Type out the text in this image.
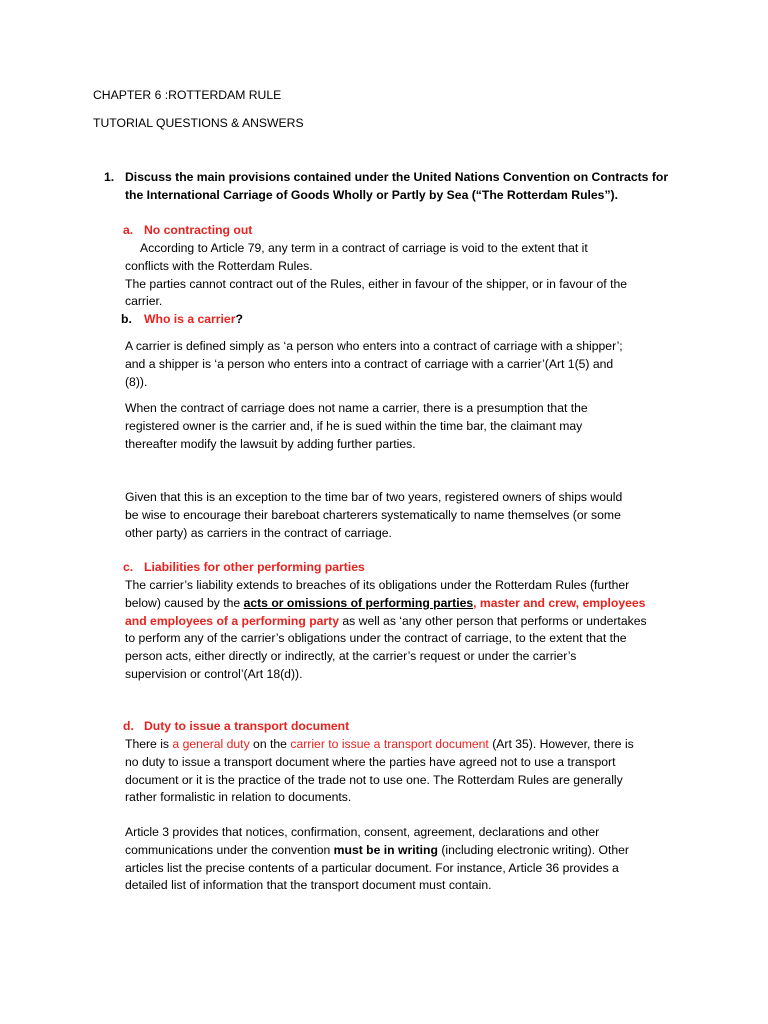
CHAPTER 6 :ROTTERDAM RULE
TUTORIAL QUESTIONS & ANSWERS
1. Discuss the main provisions contained under the United Nations Convention on Contracts for
the International Carriage of Goods Wholly or Partly by Sea (“The Rotterdam Rules”).
a. No contracting out
According to Article 79, any term in a contract of carriage is void to the extent that it
conflicts with the Rotterdam Rules.
The parties cannot contract out of the Rules, either in favour of the shipper, or in favour of the
carrier.
b. Who is a carrier?
A carrier is defined simply as ‘a person who enters into a contract of carriage with a shipper’;
and a shipper is ‘a person who enters into a contract of carriage with a carrier’(Art 1(5) and
(8)).
When the contract of carriage does not name a carrier, there is a presumption that the
registered owner is the carrier and, if he is sued within the time bar, the claimant may
thereafter modify the lawsuit by adding further parties.
Given that this is an exception to the time bar of two years, registered owners of ships would
be wise to encourage their bareboat charterers systematically to name themselves (or some
other party) as carriers in the contract of carriage.
c. Liabilities for other performing parties
The carrier’s liability extends to breaches of its obligations under the Rotterdam Rules (further
below) caused by the acts or omissions of performing parties, master and crew, employees
and employees of a performing party as well as ‘any other person that performs or undertakes
to perform any of the carrier’s obligations under the contract of carriage, to the extent that the
person acts, either directly or indirectly, at the carrier’s request or under the carrier’s
supervision or control’(Art 18(d)).
d. Duty to issue a transport document
There is a general duty on the carrier to issue a transport document (Art 35). However, there is
no duty to issue a transport document where the parties have agreed not to use a transport
document or it is the practice of the trade not to use one. The Rotterdam Rules are generally
rather formalistic in relation to documents.
Article 3 provides that notices, confirmation, consent, agreement, declarations and other
communications under the convention must be in writing (including electronic writing). Other
articles list the precise contents of a particular document. For instance, Article 36 provides a
detailed list of information that the transport document must contain.
